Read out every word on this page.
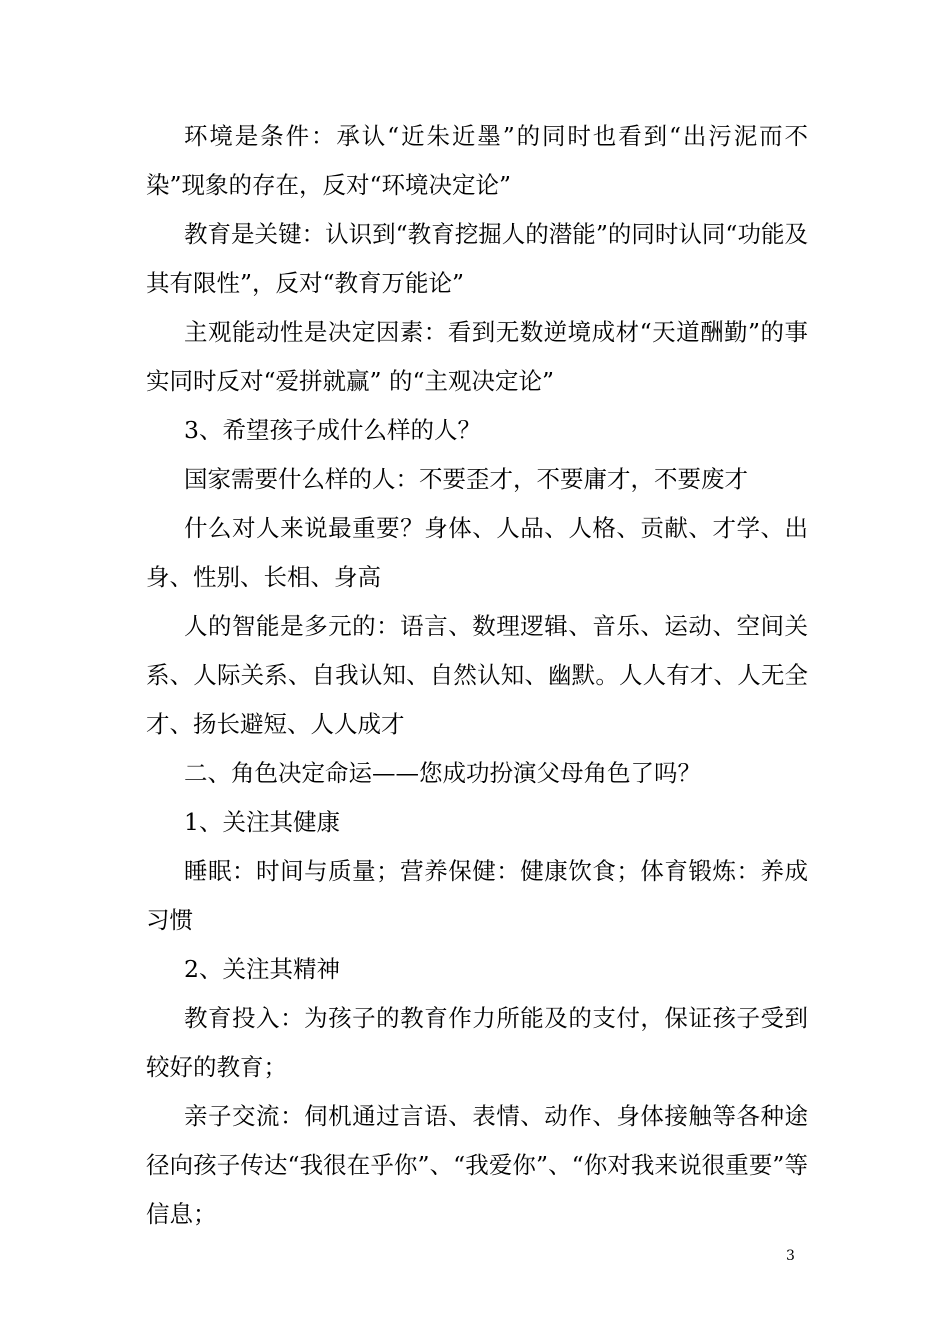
环境是条件：承认“近朱近墨”的同时也看到“出污泥而不染”现象的存在，反对“环境决定论”

教育是关键：认识到“教育挖掘人的潜能”的同时认同“功能及其有限性”，反对“教育万能论”

主观能动性是决定因素：看到无数逆境成材“天道酬勤”的事实同时反对“爱拼就赢” 的“主观决定论”

3、希望孩子成什么样的人？

国家需要什么样的人：不要歪才，不要庸才，不要废才

什么对人来说最重要？身体、人品、人格、贡献、才学、出身、性别、长相、身高

人的智能是多元的：语言、数理逻辑、音乐、运动、空间关系、人际关系、自我认知、自然认知、幽默。人人有才、人无全才、扬长避短、人人成才

二、角色决定命运——您成功扮演父母角色了吗？

1、关注其健康

睡眠：时间与质量；营养保健：健康饮食；体育锻炼：养成习惯

2、关注其精神

教育投入：为孩子的教育作力所能及的支付，保证孩子受到较好的教育；

亲子交流：伺机通过言语、表情、动作、身体接触等各种途径向孩子传达“我很在乎你”、“我爱你”、“你对我来说很重要”等信息；

3
